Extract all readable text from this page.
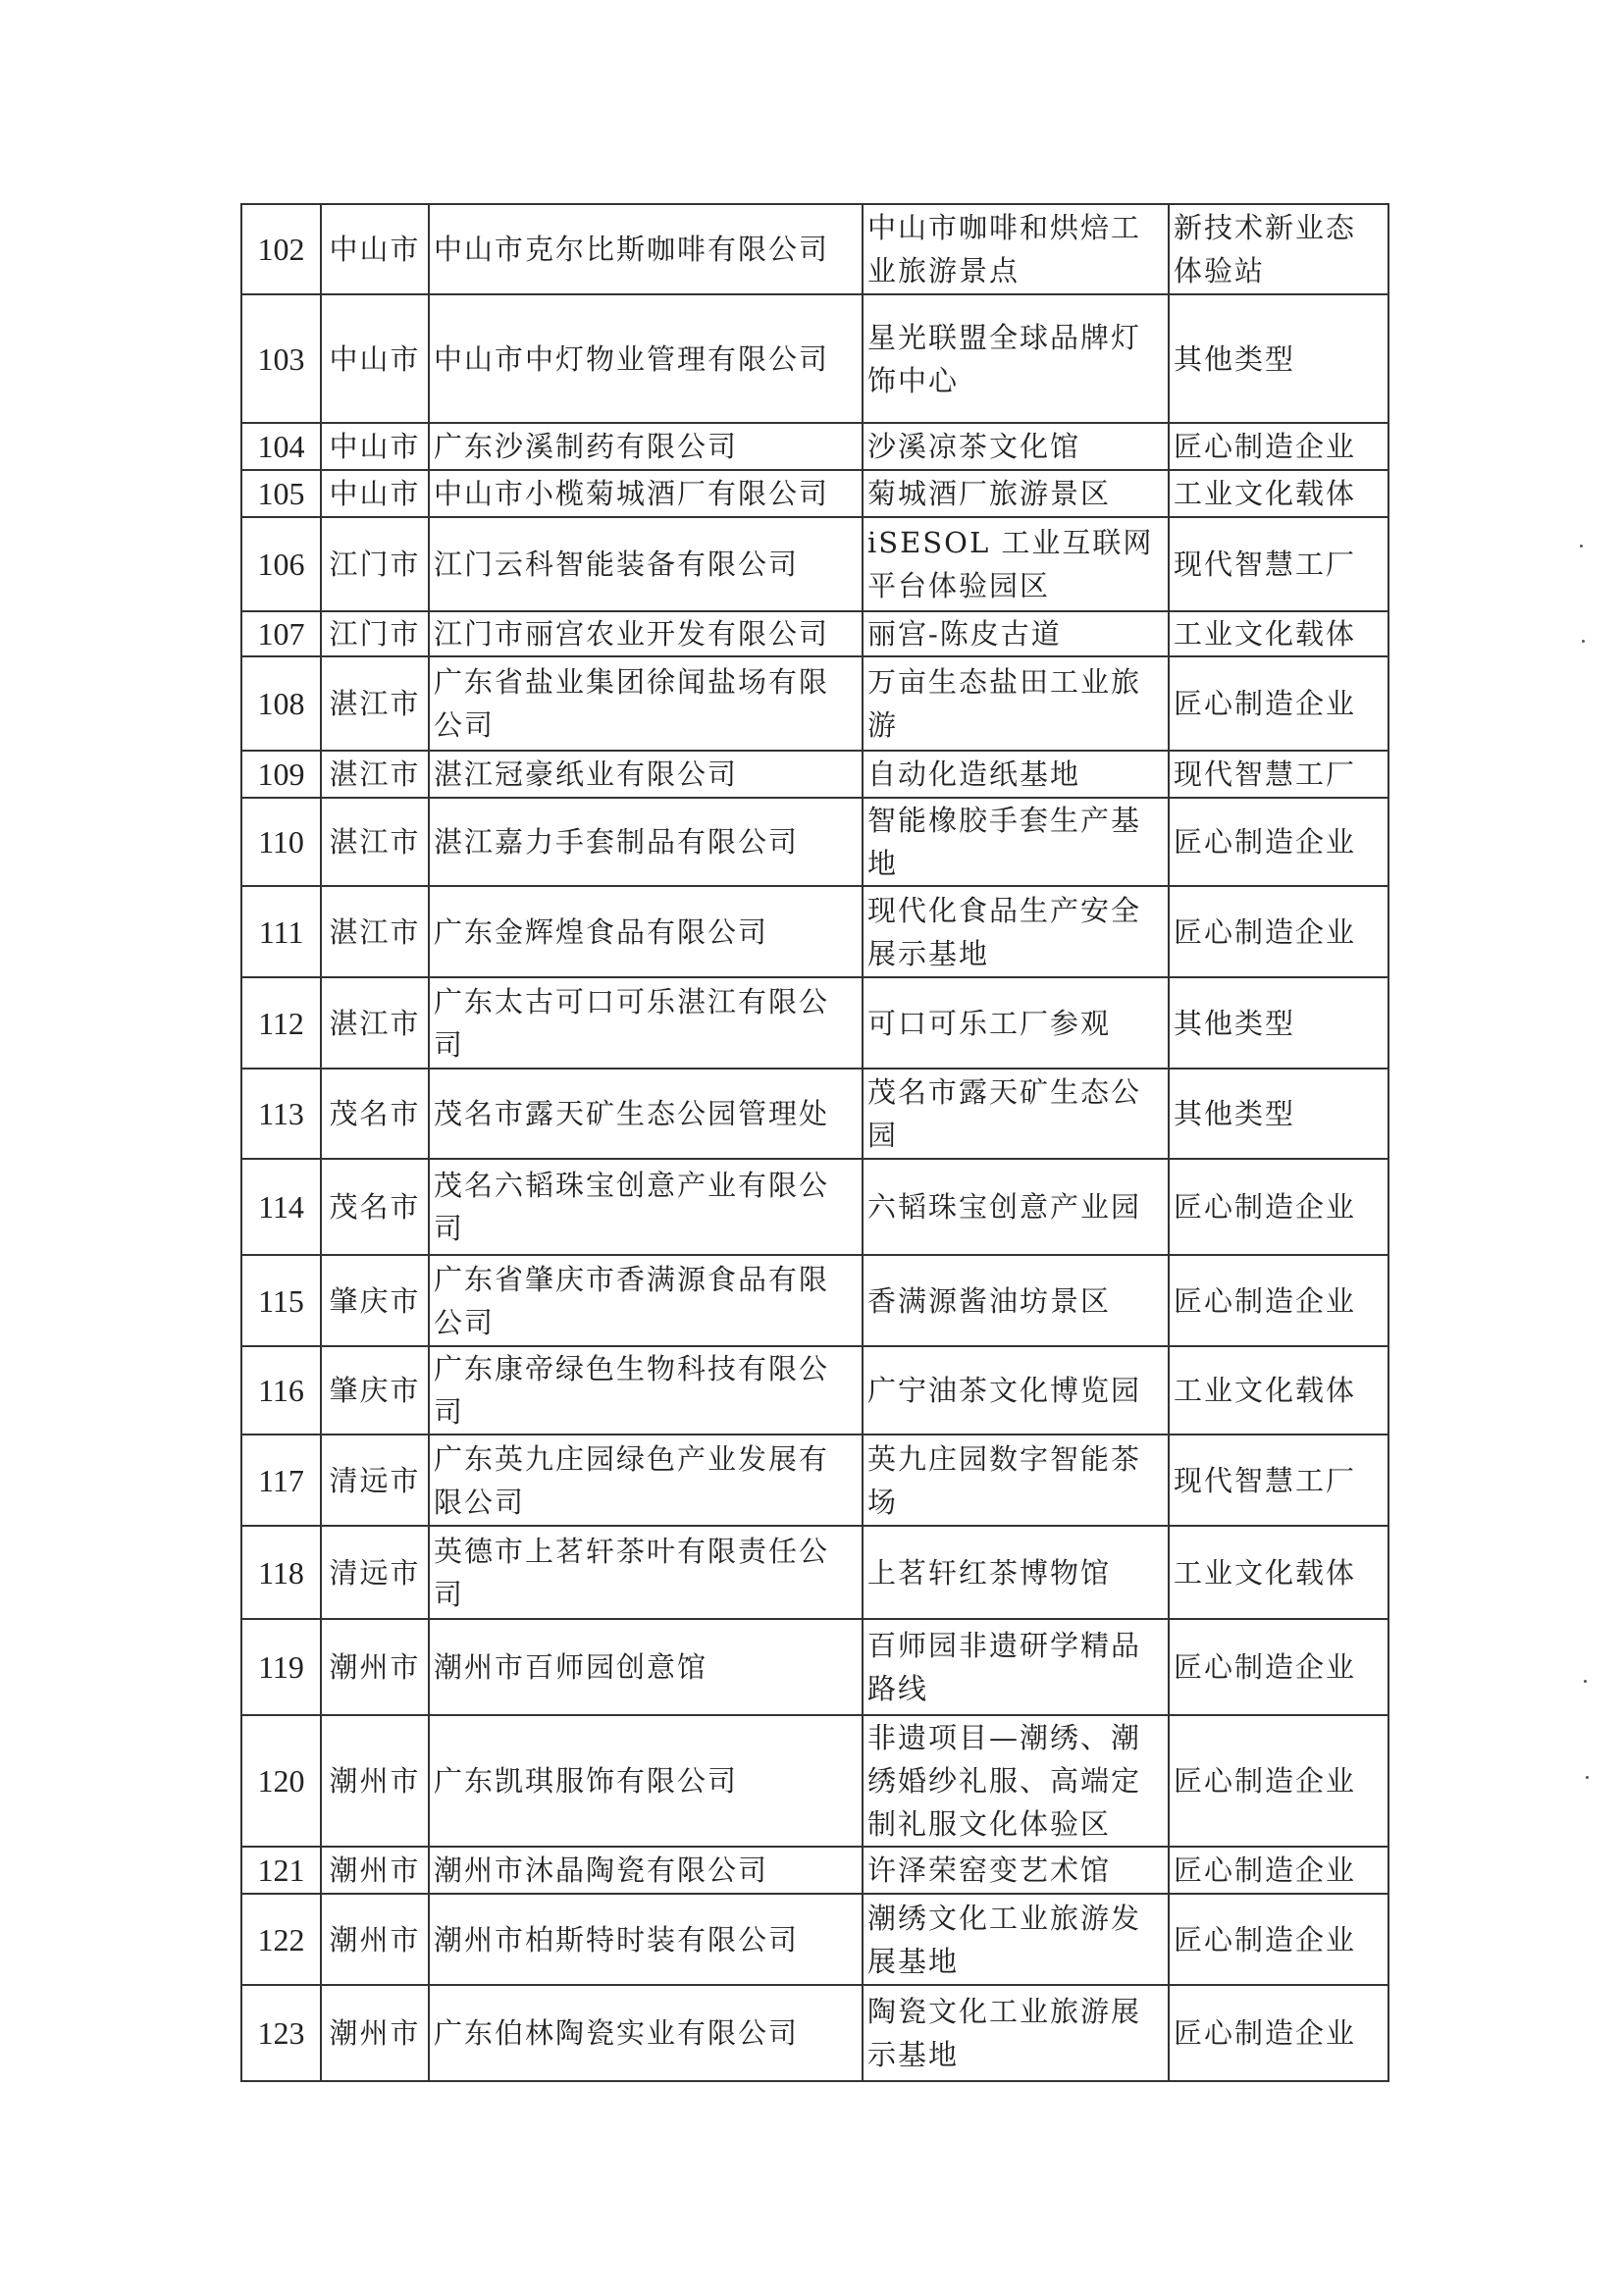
102	中山市	中山市克尔比斯咖啡有限公司	中山市咖啡和烘焙工业旅游景点	新技术新业态体验站
103	中山市	中山市中灯物业管理有限公司	星光联盟全球品牌灯饰中心	其他类型
104	中山市	广东沙溪制药有限公司	沙溪凉茶文化馆	匠心制造企业
105	中山市	中山市小榄菊城酒厂有限公司	菊城酒厂旅游景区	工业文化载体
106	江门市	江门云科智能装备有限公司	iSESOL 工业互联网平台体验园区	现代智慧工厂
107	江门市	江门市丽宫农业开发有限公司	丽宫-陈皮古道	工业文化载体
108	湛江市	广东省盐业集团徐闻盐场有限公司	万亩生态盐田工业旅游	匠心制造企业
109	湛江市	湛江冠豪纸业有限公司	自动化造纸基地	现代智慧工厂
110	湛江市	湛江嘉力手套制品有限公司	智能橡胶手套生产基地	匠心制造企业
111	湛江市	广东金辉煌食品有限公司	现代化食品生产安全展示基地	匠心制造企业
112	湛江市	广东太古可口可乐湛江有限公司	可口可乐工厂参观	其他类型
113	茂名市	茂名市露天矿生态公园管理处	茂名市露天矿生态公园	其他类型
114	茂名市	茂名六韬珠宝创意产业有限公司	六韬珠宝创意产业园	匠心制造企业
115	肇庆市	广东省肇庆市香满源食品有限公司	香满源酱油坊景区	匠心制造企业
116	肇庆市	广东康帝绿色生物科技有限公司	广宁油茶文化博览园	工业文化载体
117	清远市	广东英九庄园绿色产业发展有限公司	英九庄园数字智能茶场	现代智慧工厂
118	清远市	英德市上茗轩茶叶有限责任公司	上茗轩红茶博物馆	工业文化载体
119	潮州市	潮州市百师园创意馆	百师园非遗研学精品路线	匠心制造企业
120	潮州市	广东凯琪服饰有限公司	非遗项目—潮绣、潮绣婚纱礼服、高端定制礼服文化体验区	匠心制造企业
121	潮州市	潮州市沐晶陶瓷有限公司	许泽荣窑变艺术馆	匠心制造企业
122	潮州市	潮州市柏斯特时装有限公司	潮绣文化工业旅游发展基地	匠心制造企业
123	潮州市	广东伯林陶瓷实业有限公司	陶瓷文化工业旅游展示基地	匠心制造企业
